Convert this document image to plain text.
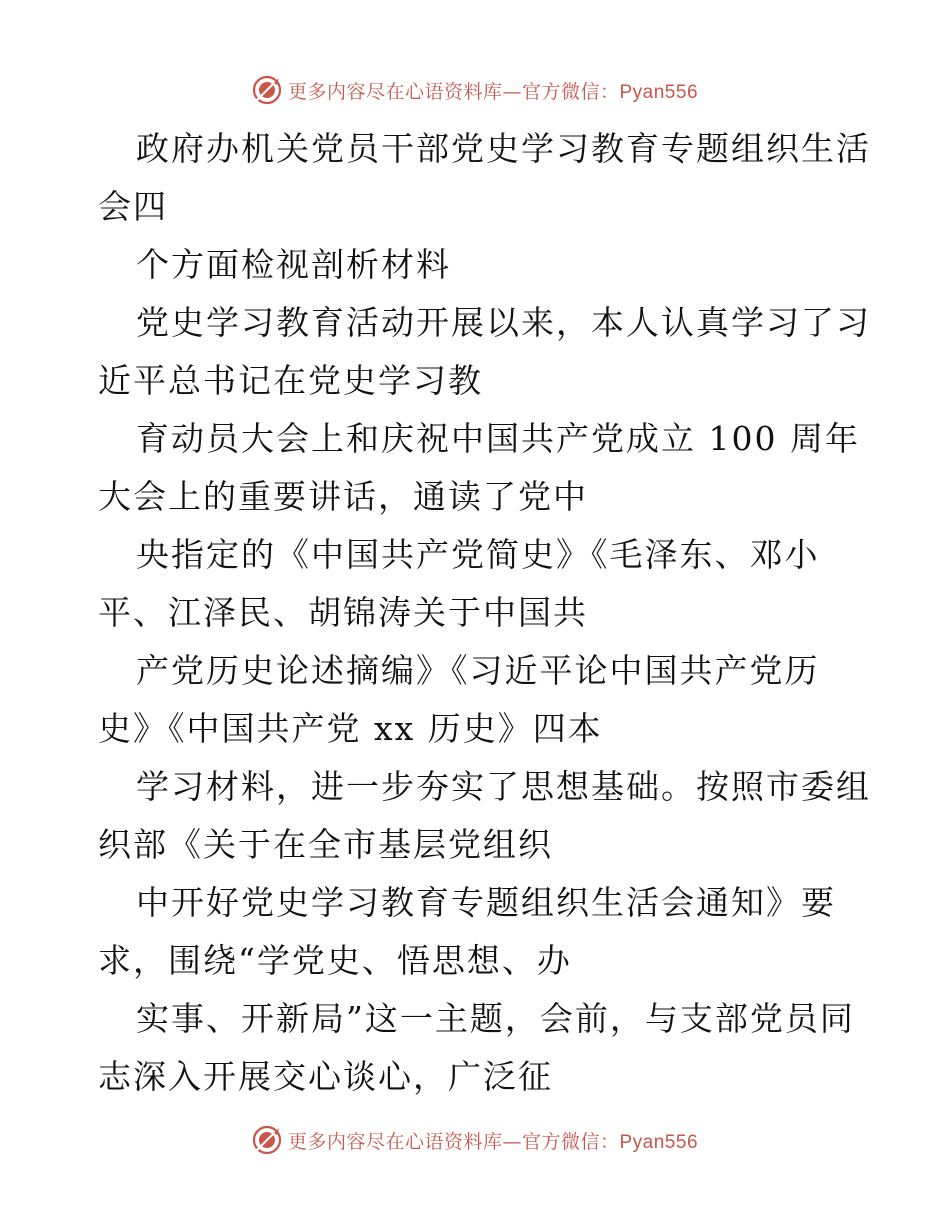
更多内容尽在心语资料库—官方微信：Pyan556
政府办机关党员干部党史学习教育专题组织生活
会四
个方面检视剖析材料
党史学习教育活动开展以来，本人认真学习了习
近平总书记在党史学习教
育动员大会上和庆祝中国共产党成立 100 周年
大会上的重要讲话，通读了党中
央指定的《中国共产党简史》《毛泽东、邓小
平、江泽民、胡锦涛关于中国共
产党历史论述摘编》《习近平论中国共产党历
史》《中国共产党 xx 历史》四本
学习材料，进一步夯实了思想基础。按照市委组
织部《关于在全市基层党组织
中开好党史学习教育专题组织生活会通知》要
求，围绕“学党史、悟思想、办
实事、开新局”这一主题，会前，与支部党员同
志深入开展交心谈心，广泛征
更多内容尽在心语资料库—官方微信：Pyan556
